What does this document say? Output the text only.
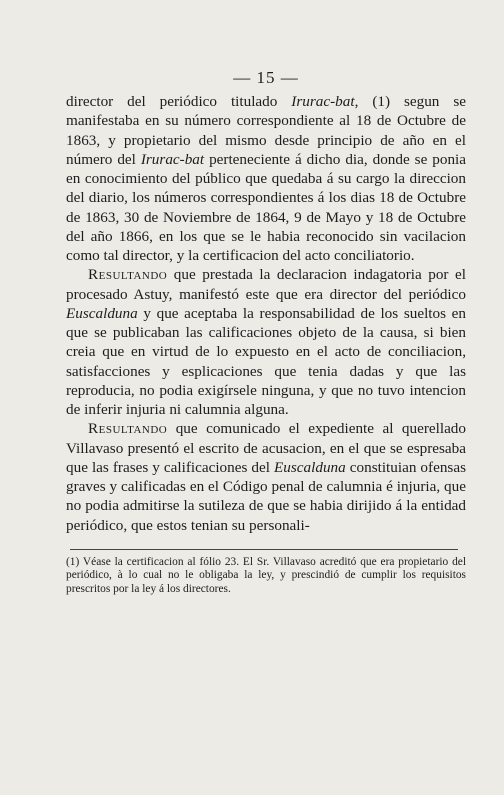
— 15 —

director del periódico titulado Irurac-bat, (1) segun se manifestaba en su número correspondiente al 18 de Octubre de 1863, y propietario del mismo desde principio de año en el número del Irurac-bat perteneciente á dicho dia, donde se ponia en conocimiento del público que quedaba á su cargo la direccion del diario, los números correspondientes á los dias 18 de Octubre de 1863, 30 de Noviembre de 1864, 9 de Mayo y 18 de Octubre del año 1866, en los que se le habia reconocido sin vacilacion como tal director, y la certificacion del acto conciliatorio.

Resultando que prestada la declaracion indagatoria por el procesado Astuy, manifestó este que era director del periódico Euscalduna y que aceptaba la responsabilidad de los sueltos en que se publicaban las calificaciones objeto de la causa, si bien creia que en virtud de lo expuesto en el acto de conciliacion, satisfacciones y esplicaciones que tenia dadas y que las reproducia, no podia exigírsele ninguna, y que no tuvo intencion de inferir injuria ni calumnia alguna.

Resultando que comunicado el expediente al querellado Villavaso presentó el escrito de acusacion, en el que se espresaba que las frases y calificaciones del Euscalduna constituian ofensas graves y calificadas en el Código penal de calumnia é injuria, que no podia admitirse la sutileza de que se habia dirijido á la entidad periódico, que estos tenian su personali-

(1) Véase la certificacion al fólio 23. El Sr. Villavaso acreditó que era propietario del periódico, à lo cual no le obligaba la ley, y prescindió de cumplir los requisitos prescritos por la ley á los directores.
